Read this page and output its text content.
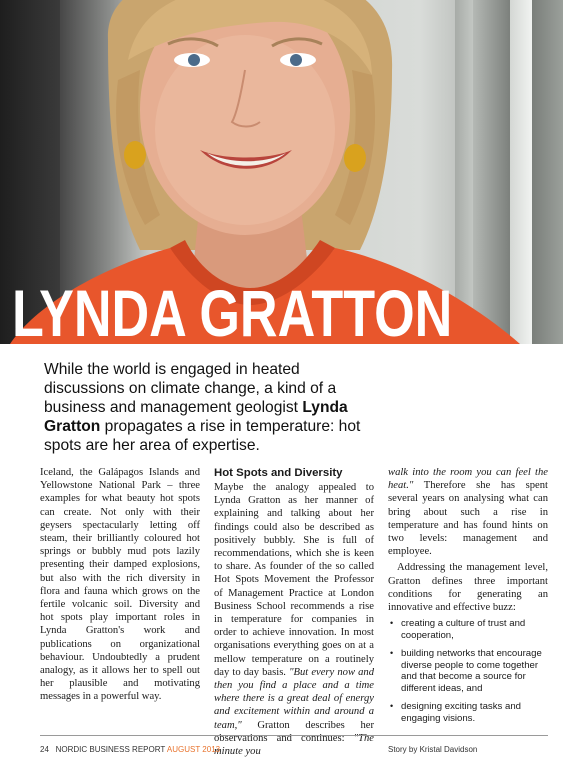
LYNDA GRATTON

While the world is engaged in heated discussions on climate change, a kind of a business and management geologist Lynda Gratton propagates a rise in temperature: hot spots are her area of expertise.

Iceland, the Galápagos Islands and Yellowstone National Park – three examples for what beauty hot spots can create. Not only with their geysers spectacularly letting off steam, their brilliantly coloured hot springs or bubbly mud pots lazily presenting their damped explosions, but also with the rich diversity in flora and fauna which grows on the fertile volcanic soil. Diversity and hot spots play important roles in Lynda Gratton's work and publications on organizational behaviour. Undoubtedly a prudent analogy, as it allows her to spell out her plausible and motivating messages in a powerful way.

Hot Spots and Diversity

Maybe the analogy appealed to Lynda Gratton as her manner of explaining and talking about her findings could also be described as positively bubbly. She is full of recommendations, which she is keen to share. As founder of the so called Hot Spots Movement the Professor of Management Practice at London Business School recommends a rise in temperature for companies in order to achieve innovation. In most organisations everything goes on at a mellow temperature on a routinely day to day basis. "But every now and then you find a place and a time where there is a great deal of energy and excitement within and around a team," Gratton describes her observations and continues: "The minute you

walk into the room you can feel the heat." Therefore she has spent several years on analysing what can bring about such a rise in temperature and has found hints on two levels: management and employee.

Addressing the management level, Gratton defines three important conditions for generating an innovative and effective buzz:

• creating a culture of trust and cooperation,
• building networks that encourage diverse people to come together and that become a source for different ideas, and
• designing exciting tasks and engaging visions.
24 NORDIC BUSINESS REPORT AUGUST 2013	Story by Kristal Davidson
